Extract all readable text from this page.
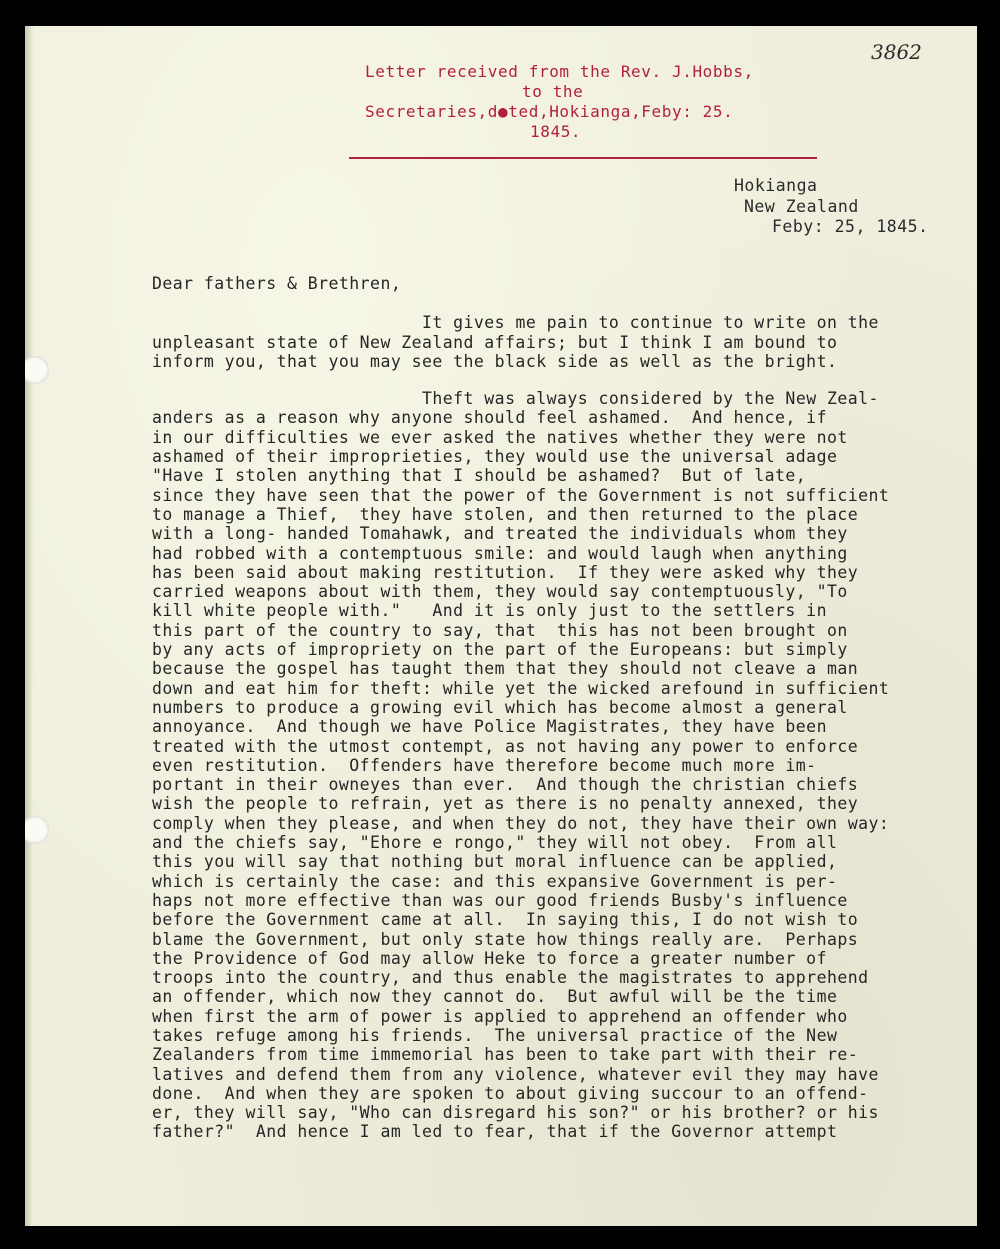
3862
Letter received from the Rev. J.Hobbs,
to the
Secretaries,d●ted,Hokianga,Feby: 25.
1845.
Hokianga
New Zealand
Feby: 25, 1845.
Dear fathers & Brethren,
It gives me pain to continue to write on the
unpleasant state of New Zealand affairs; but I think I am bound to
inform you, that you may see the black side as well as the bright.
Theft was always considered by the New Zeal-
anders as a reason why anyone should feel ashamed.  And hence, if
in our difficulties we ever asked the natives whether they were not
ashamed of their improprieties, they would use the universal adage
"Have I stolen anything that I should be ashamed?  But of late,
since they have seen that the power of the Government is not sufficient
to manage a Thief,  they have stolen, and then returned to the place
with a long- handed Tomahawk, and treated the individuals whom they
had robbed with a contemptuous smile: and would laugh when anything
has been said about making restitution.  If they were asked why they
carried weapons about with them, they would say contemptuously, "To
kill white people with."   And it is only just to the settlers in
this part of the country to say, that  this has not been brought on
by any acts of impropriety on the part of the Europeans: but simply
because the gospel has taught them that they should not cleave a man
down and eat him for theft: while yet the wicked arefound in sufficient
numbers to produce a growing evil which has become almost a general
annoyance.  And though we have Police Magistrates, they have been
treated with the utmost contempt, as not having any power to enforce
even restitution.  Offenders have therefore become much more im-
portant in their owneyes than ever.  And though the christian chiefs
wish the people to refrain, yet as there is no penalty annexed, they
comply when they please, and when they do not, they have their own way:
and the chiefs say, "Ehore e rongo," they will not obey.  From all
this you will say that nothing but moral influence can be applied,
which is certainly the case: and this expansive Government is per-
haps not more effective than was our good friends Busby's influence
before the Government came at all.  In saying this, I do not wish to
blame the Government, but only state how things really are.  Perhaps
the Providence of God may allow Heke to force a greater number of
troops into the country, and thus enable the magistrates to apprehend
an offender, which now they cannot do.  But awful will be the time
when first the arm of power is applied to apprehend an offender who
takes refuge among his friends.  The universal practice of the New
Zealanders from time immemorial has been to take part with their re-
latives and defend them from any violence, whatever evil they may have
done.  And when they are spoken to about giving succour to an offend-
er, they will say, "Who can disregard his son?" or his brother? or his
father?"  And hence I am led to fear, that if the Governor attempt
